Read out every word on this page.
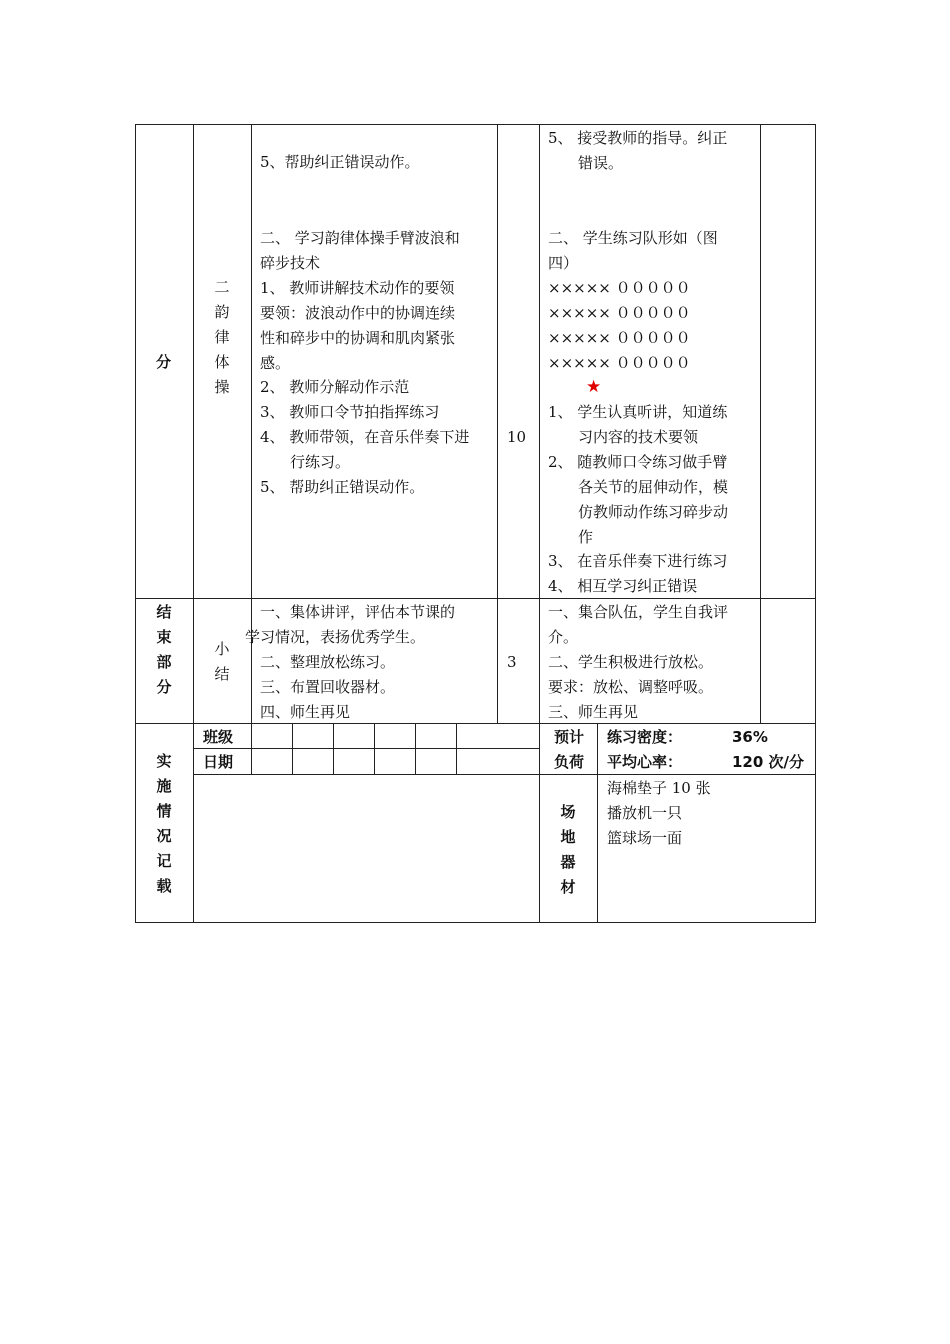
分
二韵律体操
5、帮助纠正错误动作。
5、 接受教师的指导。纠正
错误。
二、 学习韵律体操手臂波浪和
碎步技术
1、 教师讲解技术动作的要领
要领：波浪动作中的协调连续
性和碎步中的协调和肌肉紧张
感。
2、 教师分解动作示范
3、 教师口令节拍指挥练习
4、 教师带领，在音乐伴奏下进
行练习。
5、 帮助纠正错误动作。
10
二、 学生练习队形如（图
四）
××××× ０００００
××××× ０００００
××××× ０００００
××××× ０００００
★
1、 学生认真听讲，知道练
习内容的技术要领
2、 随教师口令练习做手臂
各关节的屈伸动作，模
仿教师动作练习碎步动
作
3、 在音乐伴奏下进行练习
4、 相互学习纠正错误
结束部分
小结
一、集体讲评，评估本节课的
学习情况，表扬优秀学生。
二、整理放松练习。
三、布置回收器材。
四、师生再见
3
一、集合队伍，学生自我评
介。
二、学生积极进行放松。
要求：放松、调整呼吸。
三、师生再见
实施情况记载
班级
日期
预计负荷
练习密度：	36%
平均心率：	120 次/分
场地器材
海棉垫子 10 张
播放机一只
篮球场一面
